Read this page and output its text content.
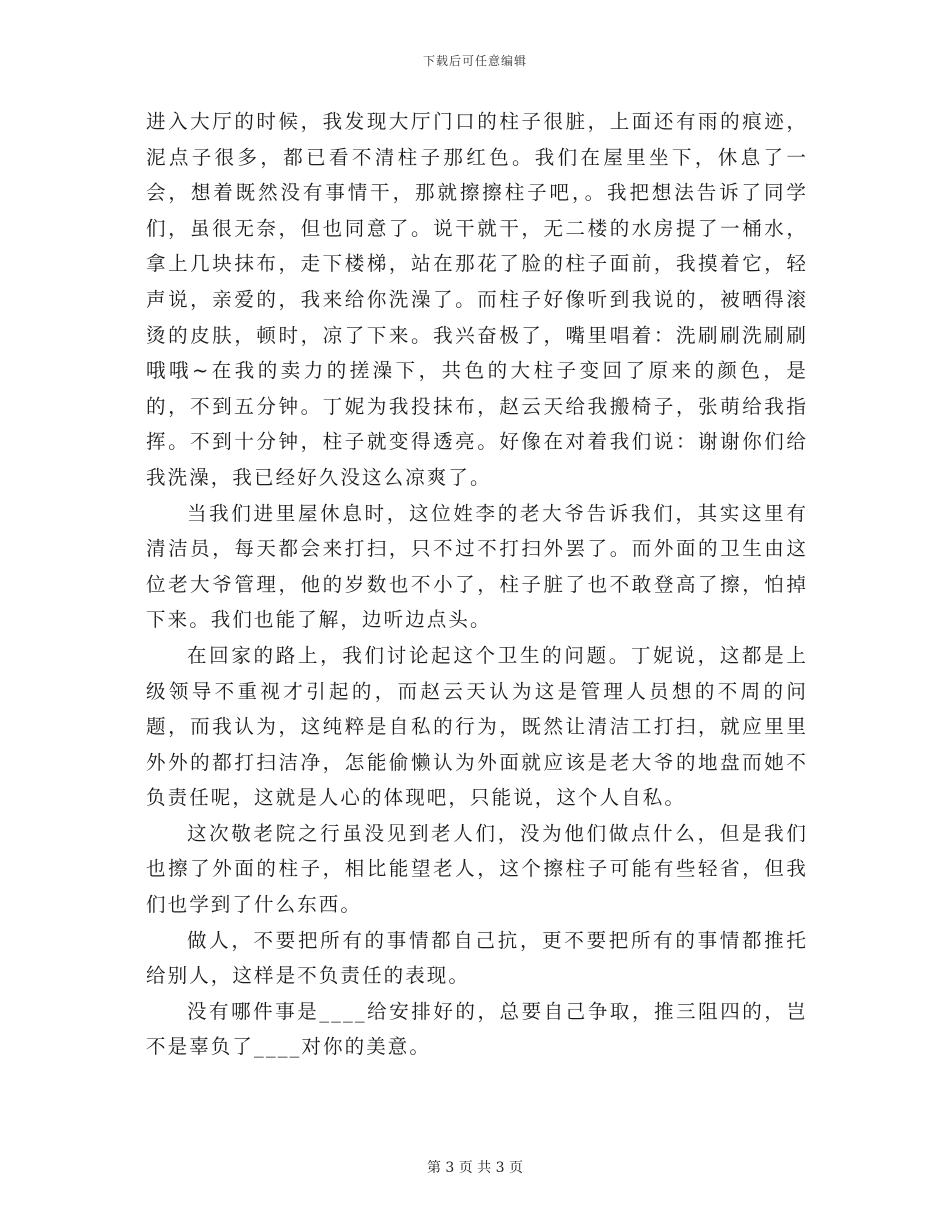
下载后可任意编辑

进入大厅的时候，我发现大厅门口的柱子很脏，上面还有雨的痕迹，泥点子很多，都已看不清柱子那红色。我们在屋里坐下，休息了一会，想着既然没有事情干，那就擦擦柱子吧，。我把想法告诉了同学们，虽很无奈，但也同意了。说干就干，无二楼的水房提了一桶水，拿上几块抹布，走下楼梯，站在那花了脸的柱子面前，我摸着它，轻声说，亲爱的，我来给你洗澡了。而柱子好像听到我说的，被晒得滚烫的皮肤，顿时，凉了下来。我兴奋极了，嘴里唱着：洗刷刷洗刷刷哦哦~在我的卖力的搓澡下，共色的大柱子变回了原来的颜色，是的，不到五分钟。丁妮为我投抹布，赵云天给我搬椅子，张萌给我指挥。不到十分钟，柱子就变得透亮。好像在对着我们说：谢谢你们给我洗澡，我已经好久没这么凉爽了。

当我们进里屋休息时，这位姓李的老大爷告诉我们，其实这里有清洁员，每天都会来打扫，只不过不打扫外罢了。而外面的卫生由这位老大爷管理，他的岁数也不小了，柱子脏了也不敢登高了擦，怕掉下来。我们也能了解，边听边点头。

在回家的路上，我们讨论起这个卫生的问题。丁妮说，这都是上级领导不重视才引起的，而赵云天认为这是管理人员想的不周的问题，而我认为，这纯粹是自私的行为，既然让清洁工打扫，就应里里外外的都打扫洁净，怎能偷懒认为外面就应该是老大爷的地盘而她不负责任呢，这就是人心的体现吧，只能说，这个人自私。

这次敬老院之行虽没见到老人们，没为他们做点什么，但是我们也擦了外面的柱子，相比能望老人，这个擦柱子可能有些轻省，但我们也学到了什么东西。

做人，不要把所有的事情都自己抗，更不要把所有的事情都推托给别人，这样是不负责任的表现。

没有哪件事是____给安排好的，总要自己争取，推三阻四的，岂不是辜负了____对你的美意。

第 3 页 共 3 页
